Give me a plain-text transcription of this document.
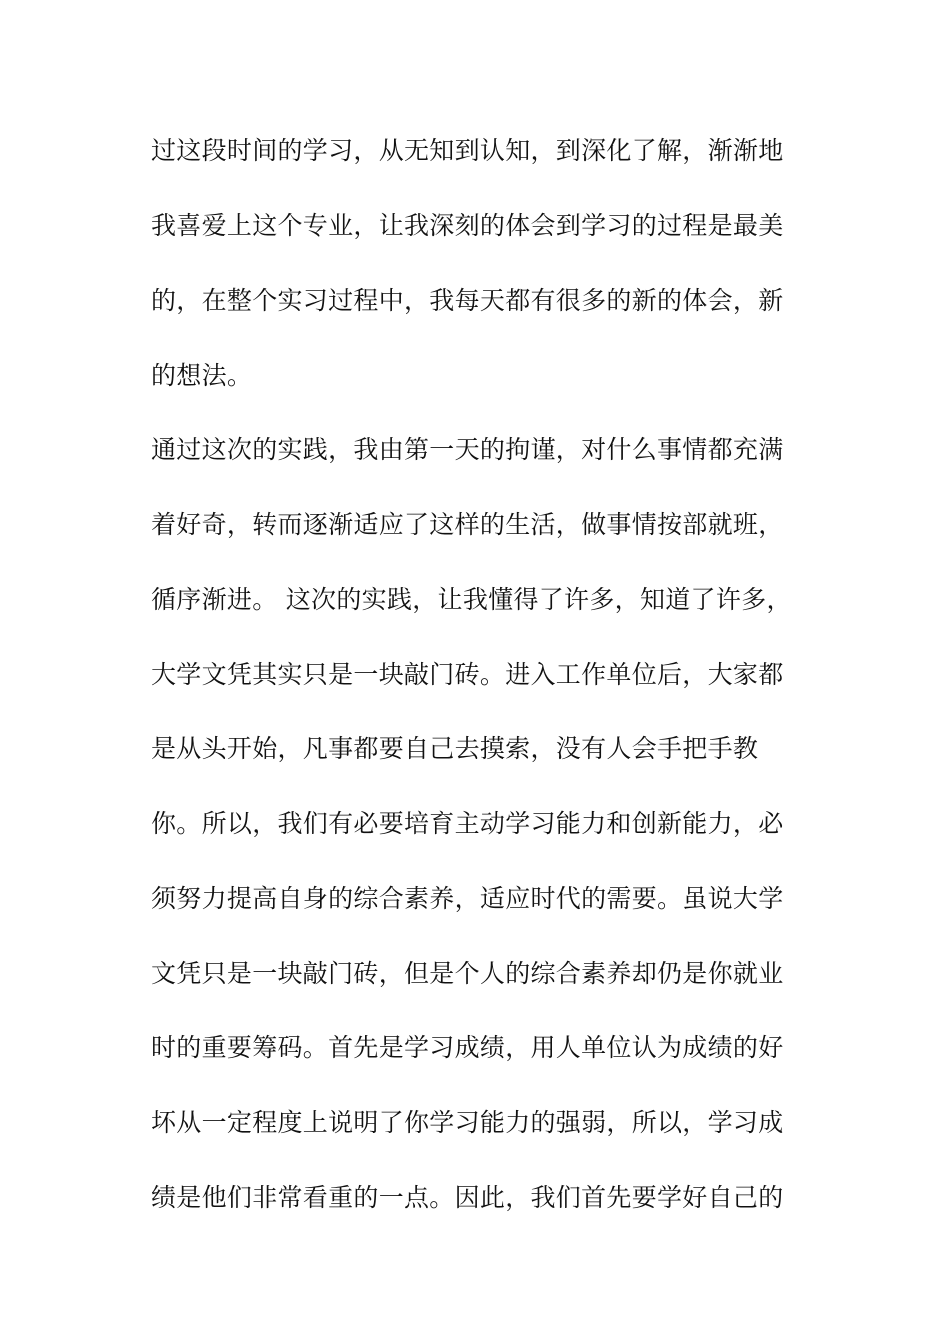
过这段时间的学习，从无知到认知，到深化了解，渐渐地
我喜爱上这个专业，让我深刻的体会到学习的过程是最美
的，在整个实习过程中，我每天都有很多的新的体会，新
的想法。
通过这次的实践，我由第一天的拘谨，对什么事情都充满
着好奇，转而逐渐适应了这样的生活，做事情按部就班，
循序渐进。 这次的实践，让我懂得了许多，知道了许多，
大学文凭其实只是一块敲门砖。进入工作单位后，大家都
是从头开始，凡事都要自己去摸索，没有人会手把手教
你。所以，我们有必要培育主动学习能力和创新能力，必
须努力提高自身的综合素养，适应时代的需要。虽说大学
文凭只是一块敲门砖，但是个人的综合素养却仍是你就业
时的重要筹码。首先是学习成绩，用人单位认为成绩的好
坏从一定程度上说明了你学习能力的强弱，所以，学习成
绩是他们非常看重的一点。因此，我们首先要学好自己的
